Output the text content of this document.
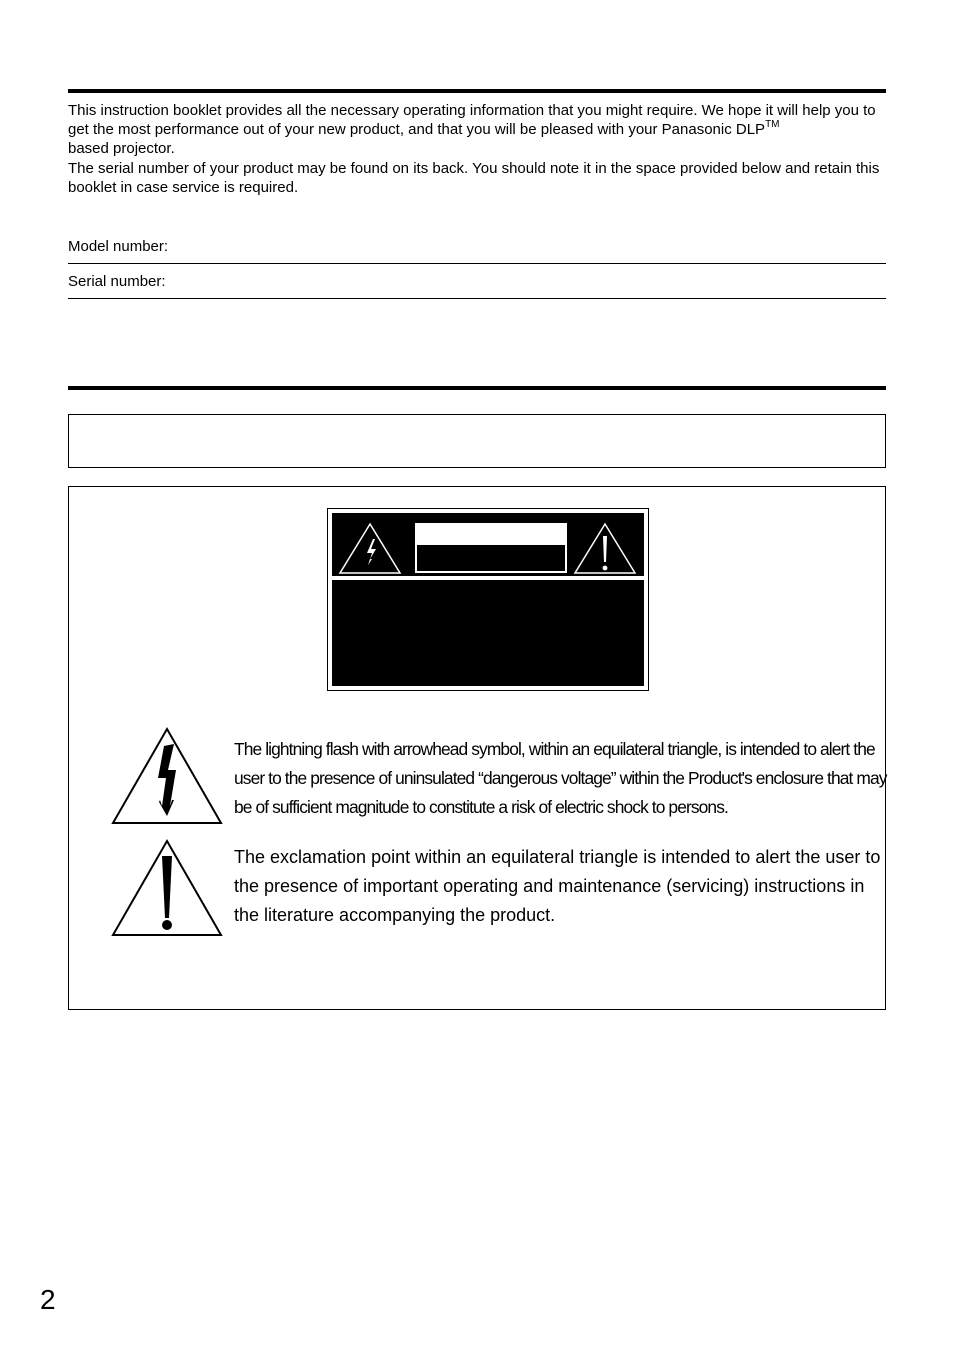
This instruction booklet provides all the necessary operating information that you might require. We hope it will help you to get the most performance out of your new product, and that you will be pleased with your Panasonic DLP™
based projector.

The serial number of your product may be found on its back. You should note it in the space provided below and retain this booklet in case service is required.

Model number:
Serial number:
The lightning flash with arrowhead symbol, within an equilateral triangle, is intended to alert the user to the presence of uninsulated “dangerous voltage” within the Product's enclosure that may be of sufficient magnitude to constitute a risk of electric shock to persons.
The exclamation point within an equilateral triangle is intended to alert the user to the presence of important operating and maintenance (servicing) instructions in the literature accompanying the product.
2
